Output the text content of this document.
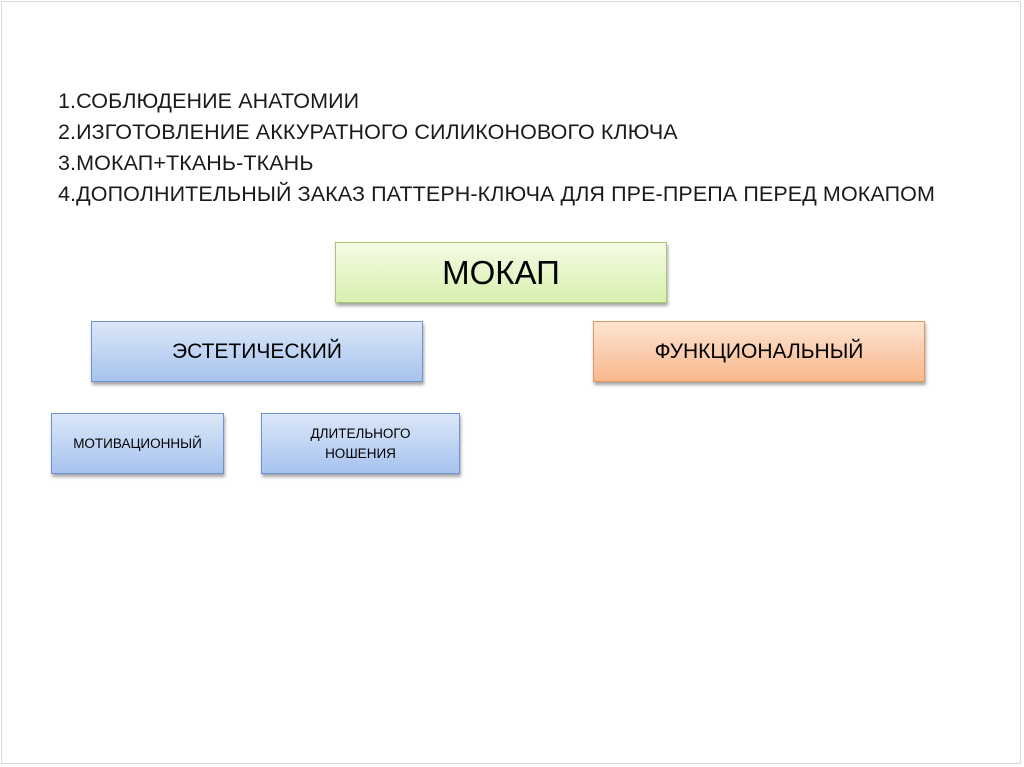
1.СОБЛЮДЕНИЕ АНАТОМИИ
2.ИЗГОТОВЛЕНИЕ АККУРАТНОГО СИЛИКОНОВОГО КЛЮЧА
3.МОКАП+ТКАНЬ-ТКАНЬ
4.ДОПОЛНИТЕЛЬНЫЙ ЗАКАЗ ПАТТЕРН-КЛЮЧА ДЛЯ ПРЕ-ПРЕПА ПЕРЕД МОКАПОМ
МОКАП
ЭСТЕТИЧЕСКИЙ	ФУНКЦИОНАЛЬНЫЙ
МОТИВАЦИОННЫЙ
ДЛИТЕЛЬНОГО
НОШЕНИЯ
